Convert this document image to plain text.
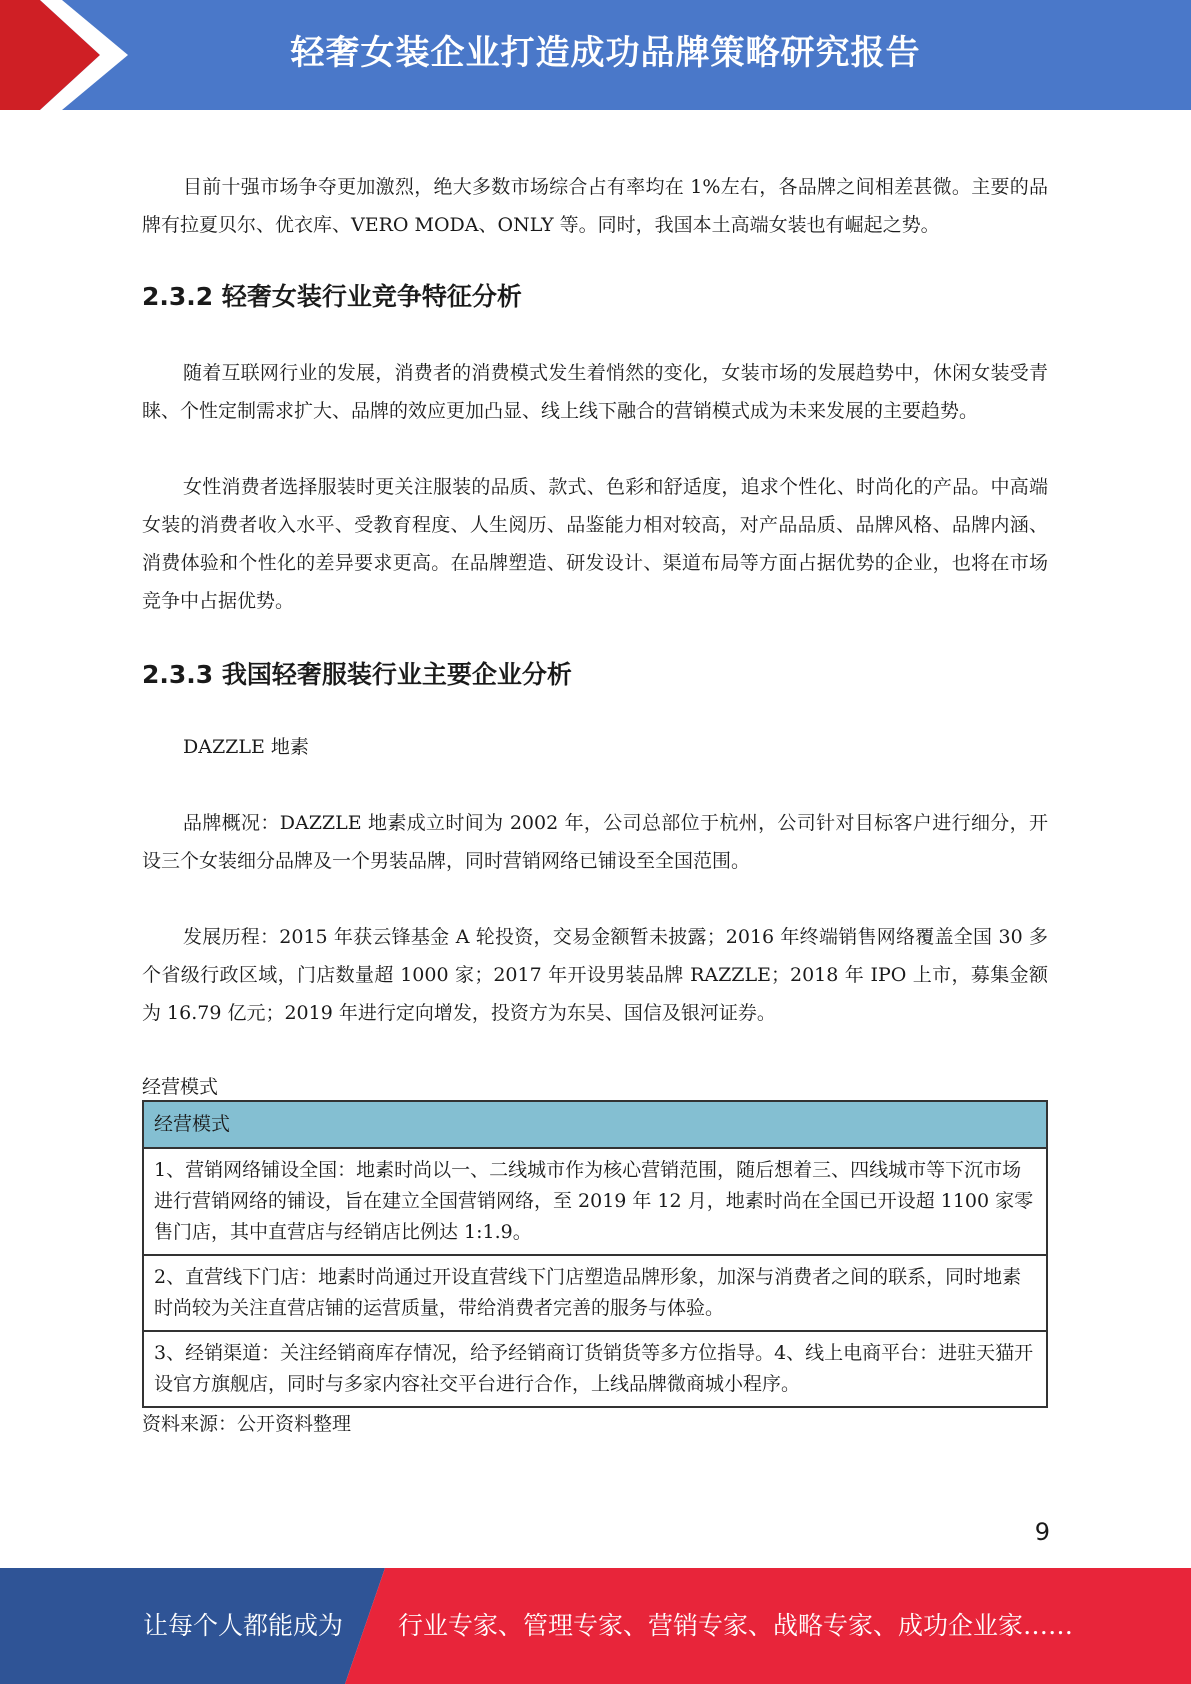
轻奢女装企业打造成功品牌策略研究报告

目前十强市场争夺更加激烈，绝大多数市场综合占有率均在 1%左右，各品牌之间相差甚微。主要的品牌有拉夏贝尔、优衣库、VERO MODA、ONLY 等。同时，我国本土高端女装也有崛起之势。

2.3.2 轻奢女装行业竞争特征分析

随着互联网行业的发展，消费者的消费模式发生着悄然的变化，女装市场的发展趋势中，休闲女装受青睐、个性定制需求扩大、品牌的效应更加凸显、线上线下融合的营销模式成为未来发展的主要趋势。

女性消费者选择服装时更关注服装的品质、款式、色彩和舒适度，追求个性化、时尚化的产品。中高端女装的消费者收入水平、受教育程度、人生阅历、品鉴能力相对较高，对产品品质、品牌风格、品牌内涵、消费体验和个性化的差异要求更高。在品牌塑造、研发设计、渠道布局等方面占据优势的企业，也将在市场竞争中占据优势。

2.3.3 我国轻奢服装行业主要企业分析
DAZZLE 地素

品牌概况：DAZZLE 地素成立时间为 2002 年，公司总部位于杭州，公司针对目标客户进行细分，开设三个女装细分品牌及一个男装品牌，同时营销网络已铺设至全国范围。

发展历程：2015 年获云锋基金 A 轮投资，交易金额暂未披露；2016 年终端销售网络覆盖全国 30 多个省级行政区域，门店数量超 1000 家；2017 年开设男装品牌 RAZZLE；2018 年 IPO 上市，募集金额为 16.79 亿元；2019 年进行定向增发，投资方为东吴、国信及银河证券。

经营模式
经营模式
1、营销网络铺设全国：地素时尚以一、二线城市作为核心营销范围，随后想着三、四线城市等下沉市场进行营销网络的铺设，旨在建立全国营销网络，至 2019 年 12 月，地素时尚在全国已开设超 1100 家零售门店，其中直营店与经销店比例达 1:1.9。
2、直营线下门店：地素时尚通过开设直营线下门店塑造品牌形象，加深与消费者之间的联系，同时地素时尚较为关注直营店铺的运营质量，带给消费者完善的服务与体验。
3、经销渠道：关注经销商库存情况，给予经销商订货销货等多方位指导。4、线上电商平台：进驻天猫开设官方旗舰店，同时与多家内容社交平台进行合作，上线品牌微商城小程序。
资料来源：公开资料整理
9
让每个人都能成为 行业专家、管理专家、营销专家、战略专家、成功企业家……
